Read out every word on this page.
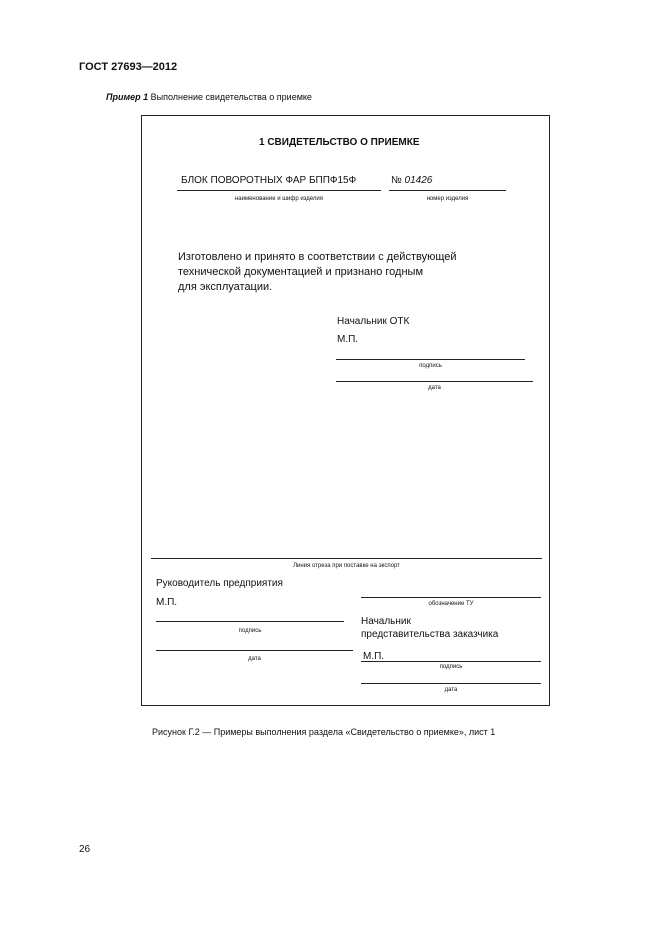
ГОСТ 27693—2012
Пример 1 Выполнение свидетельства о приемке
1 СВИДЕТЕЛЬСТВО О ПРИЕМКЕ
БЛОК ПОВОРОТНЫХ ФАР БППФ15Ф	№ 01426
наименование и шифр изделия	номер изделия
Изготовлено и принято в соответствии с действующей
технической документацией и признано годным
для эксплуатации.
Начальник ОТК
М.П.
подпись
дата
Линия отреза при поставке на экспорт
Руководитель предприятия
М.П.
подпись
дата
обозначение ТУ
Начальник
представительства заказчика
М.П.
подпись
дата
Рисунок Г.2 — Примеры выполнения раздела «Свидетельство о приемке», лист 1
26
